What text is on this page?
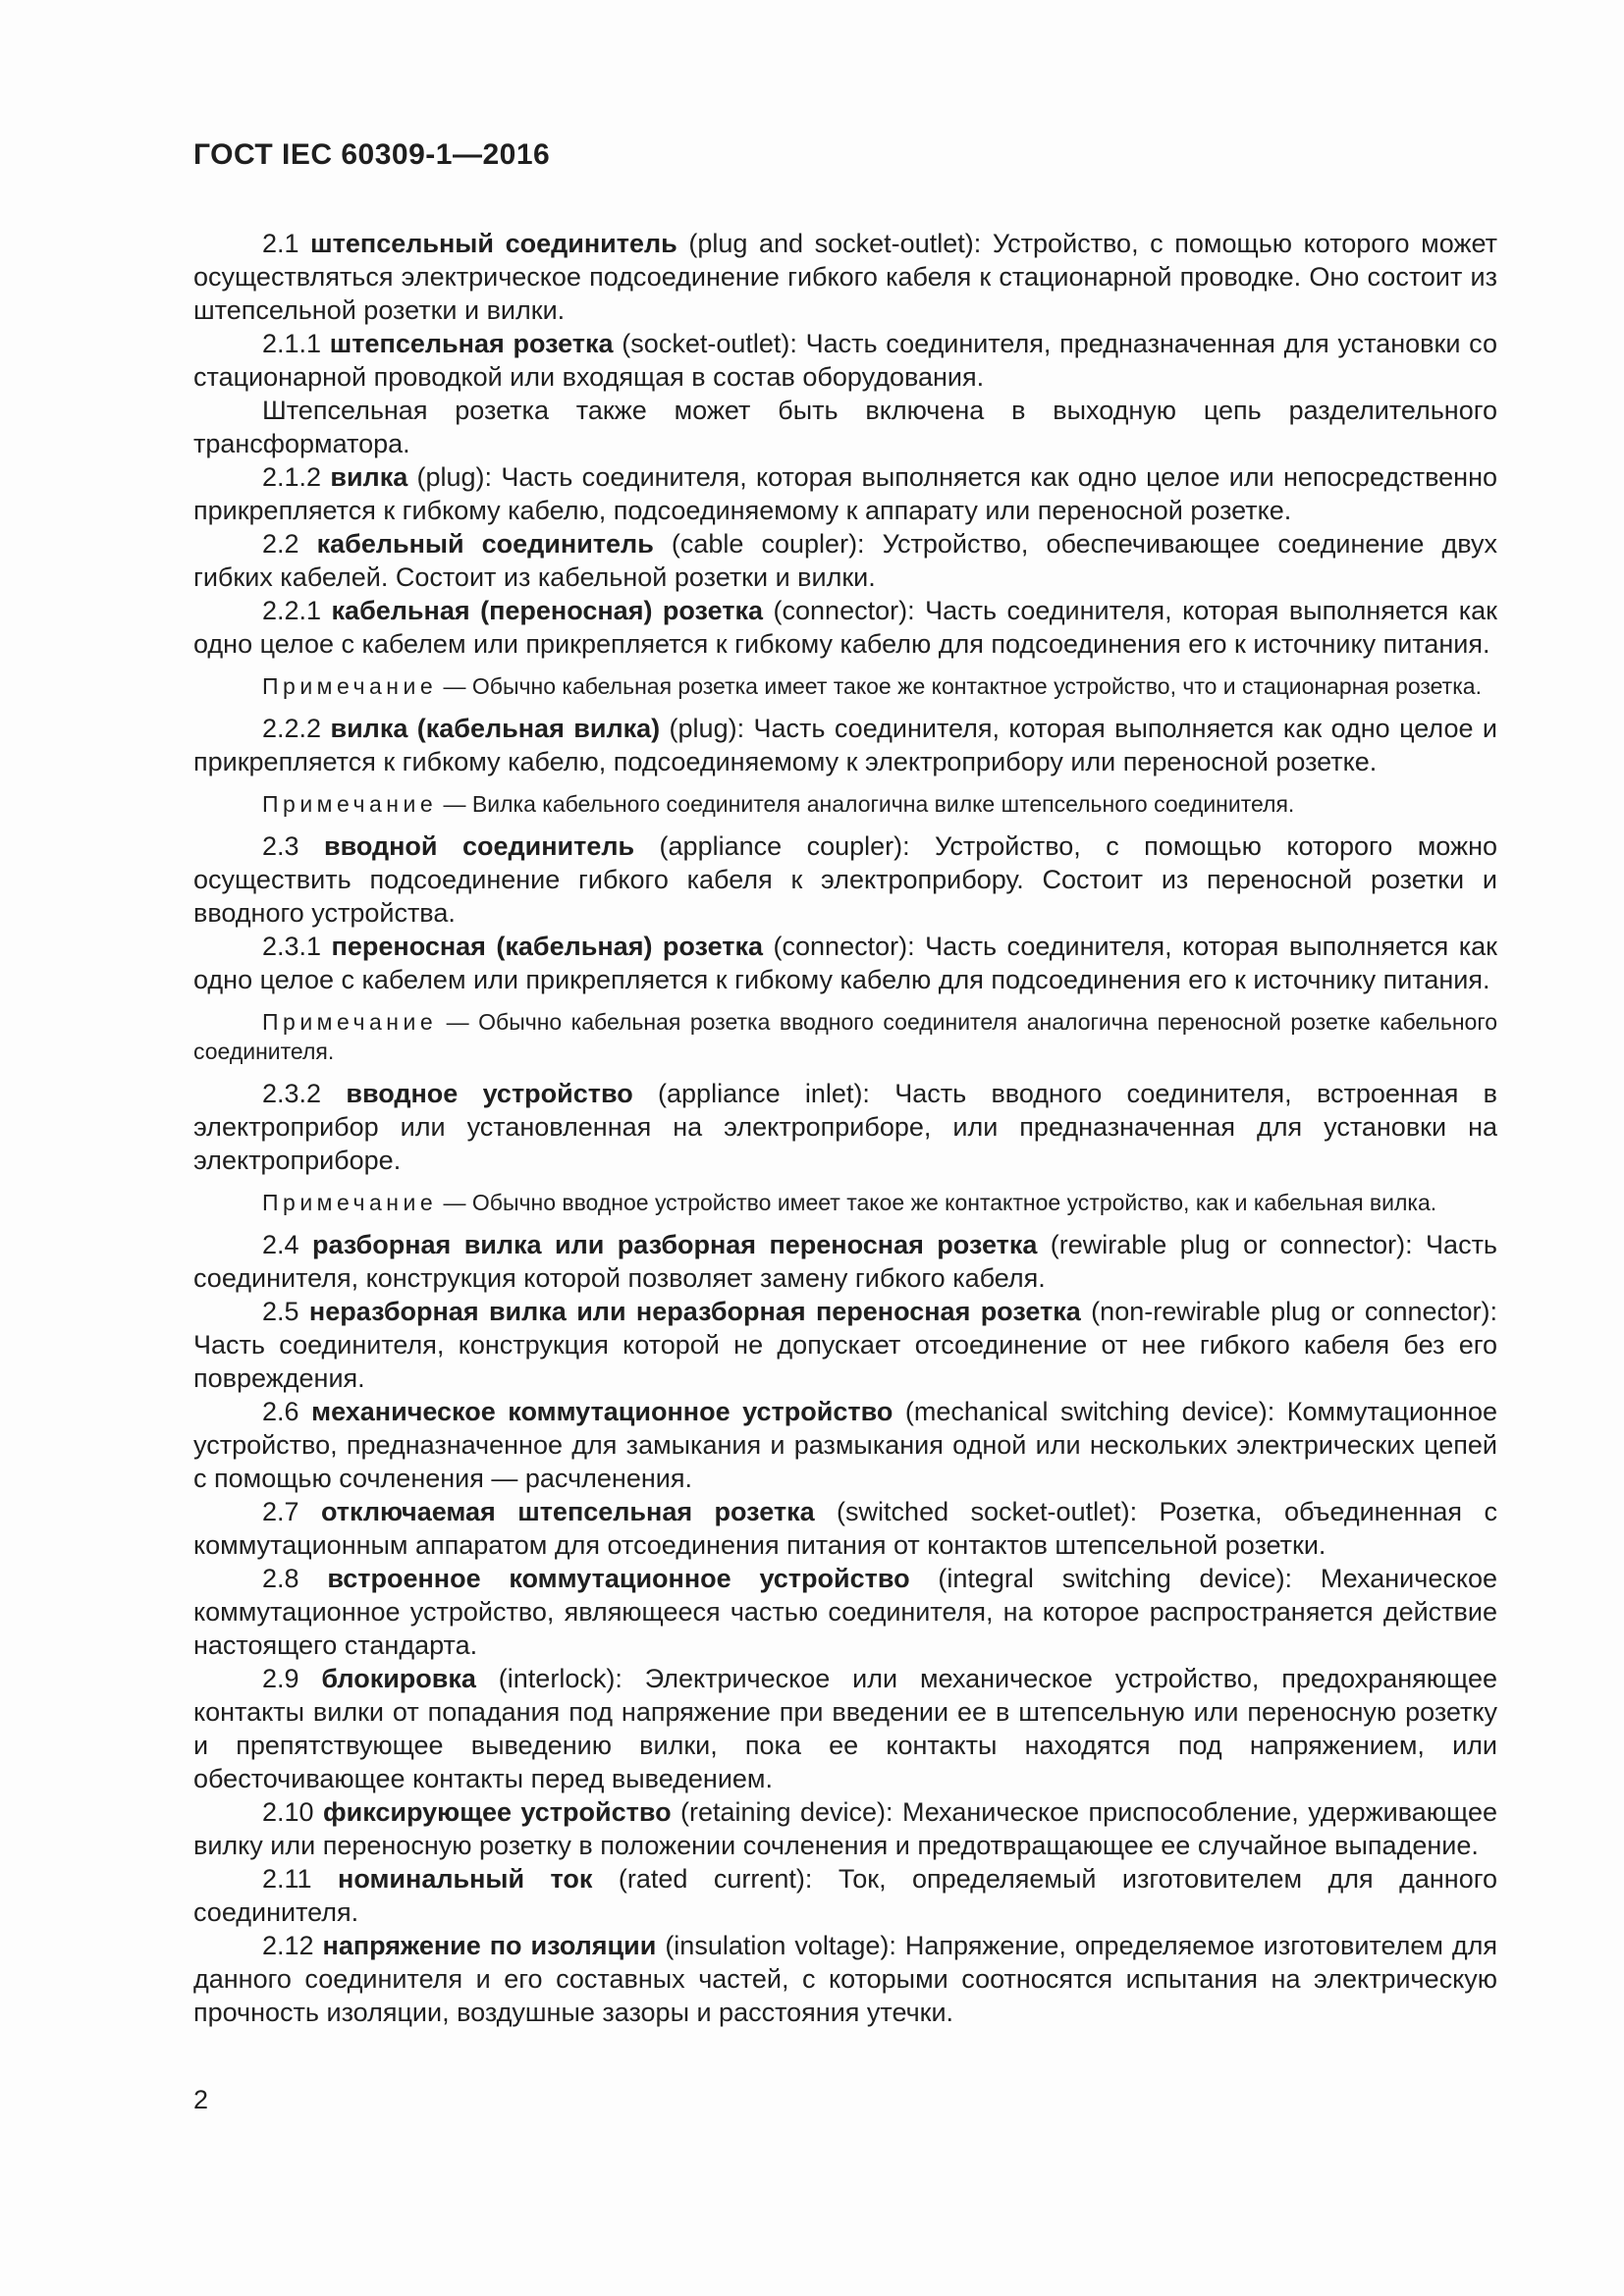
ГОСТ IEC 60309-1—2016

2.1 штепсельный соединитель (plug and socket-outlet): Устройство, с помощью которого может осуществляться электрическое подсоединение гибкого кабеля к стационарной проводке. Оно состоит из штепсельной розетки и вилки.

2.1.1 штепсельная розетка (socket-outlet): Часть соединителя, предназначенная для установки со стационарной проводкой или входящая в состав оборудования.

Штепсельная розетка также может быть включена в выходную цепь разделительного трансформатора.

2.1.2 вилка (plug): Часть соединителя, которая выполняется как одно целое или непосредственно прикрепляется к гибкому кабелю, подсоединяемому к аппарату или переносной розетке.

2.2 кабельный соединитель (cable coupler): Устройство, обеспечивающее соединение двух гибких кабелей. Состоит из кабельной розетки и вилки.

2.2.1 кабельная (переносная) розетка (connector): Часть соединителя, которая выполняется как одно целое с кабелем или прикрепляется к гибкому кабелю для подсоединения его к источнику питания.

Примечание — Обычно кабельная розетка имеет такое же контактное устройство, что и стационарная розетка.

2.2.2 вилка (кабельная вилка) (plug): Часть соединителя, которая выполняется как одно целое и прикрепляется к гибкому кабелю, подсоединяемому к электроприбору или переносной розетке.

Примечание — Вилка кабельного соединителя аналогична вилке штепсельного соединителя.

2.3 вводной соединитель (appliance coupler): Устройство, с помощью которого можно осуществить подсоединение гибкого кабеля к электроприбору. Состоит из переносной розетки и вводного устройства.

2.3.1 переносная (кабельная) розетка (connector): Часть соединителя, которая выполняется как одно целое с кабелем или прикрепляется к гибкому кабелю для подсоединения его к источнику питания.

Примечание — Обычно кабельная розетка вводного соединителя аналогична переносной розетке кабельного соединителя.

2.3.2 вводное устройство (appliance inlet): Часть вводного соединителя, встроенная в электроприбор или установленная на электроприборе, или предназначенная для установки на электроприборе.

Примечание — Обычно вводное устройство имеет такое же контактное устройство, как и кабельная вилка.

2.4 разборная вилка или разборная переносная розетка (rewirable plug or connector): Часть соединителя, конструкция которой позволяет замену гибкого кабеля.

2.5 неразборная вилка или неразборная переносная розетка (non-rewirable plug or connector): Часть соединителя, конструкция которой не допускает отсоединение от нее гибкого кабеля без его повреждения.

2.6 механическое коммутационное устройство (mechanical switching device): Коммутационное устройство, предназначенное для замыкания и размыкания одной или нескольких электрических цепей с помощью сочленения — расчленения.

2.7 отключаемая штепсельная розетка (switched socket-outlet): Розетка, объединенная с коммутационным аппаратом для отсоединения питания от контактов штепсельной розетки.

2.8 встроенное коммутационное устройство (integral switching device): Механическое коммутационное устройство, являющееся частью соединителя, на которое распространяется действие настоящего стандарта.

2.9 блокировка (interlock): Электрическое или механическое устройство, предохраняющее контакты вилки от попадания под напряжение при введении ее в штепсельную или переносную розетку и препятствующее выведению вилки, пока ее контакты находятся под напряжением, или обесточивающее контакты перед выведением.

2.10 фиксирующее устройство (retaining device): Механическое приспособление, удерживающее вилку или переносную розетку в положении сочленения и предотвращающее ее случайное выпадение.

2.11 номинальный ток (rated current): Ток, определяемый изготовителем для данного соединителя.

2.12 напряжение по изоляции (insulation voltage): Напряжение, определяемое изготовителем для данного соединителя и его составных частей, с которыми соотносятся испытания на электрическую прочность изоляции, воздушные зазоры и расстояния утечки.

2
